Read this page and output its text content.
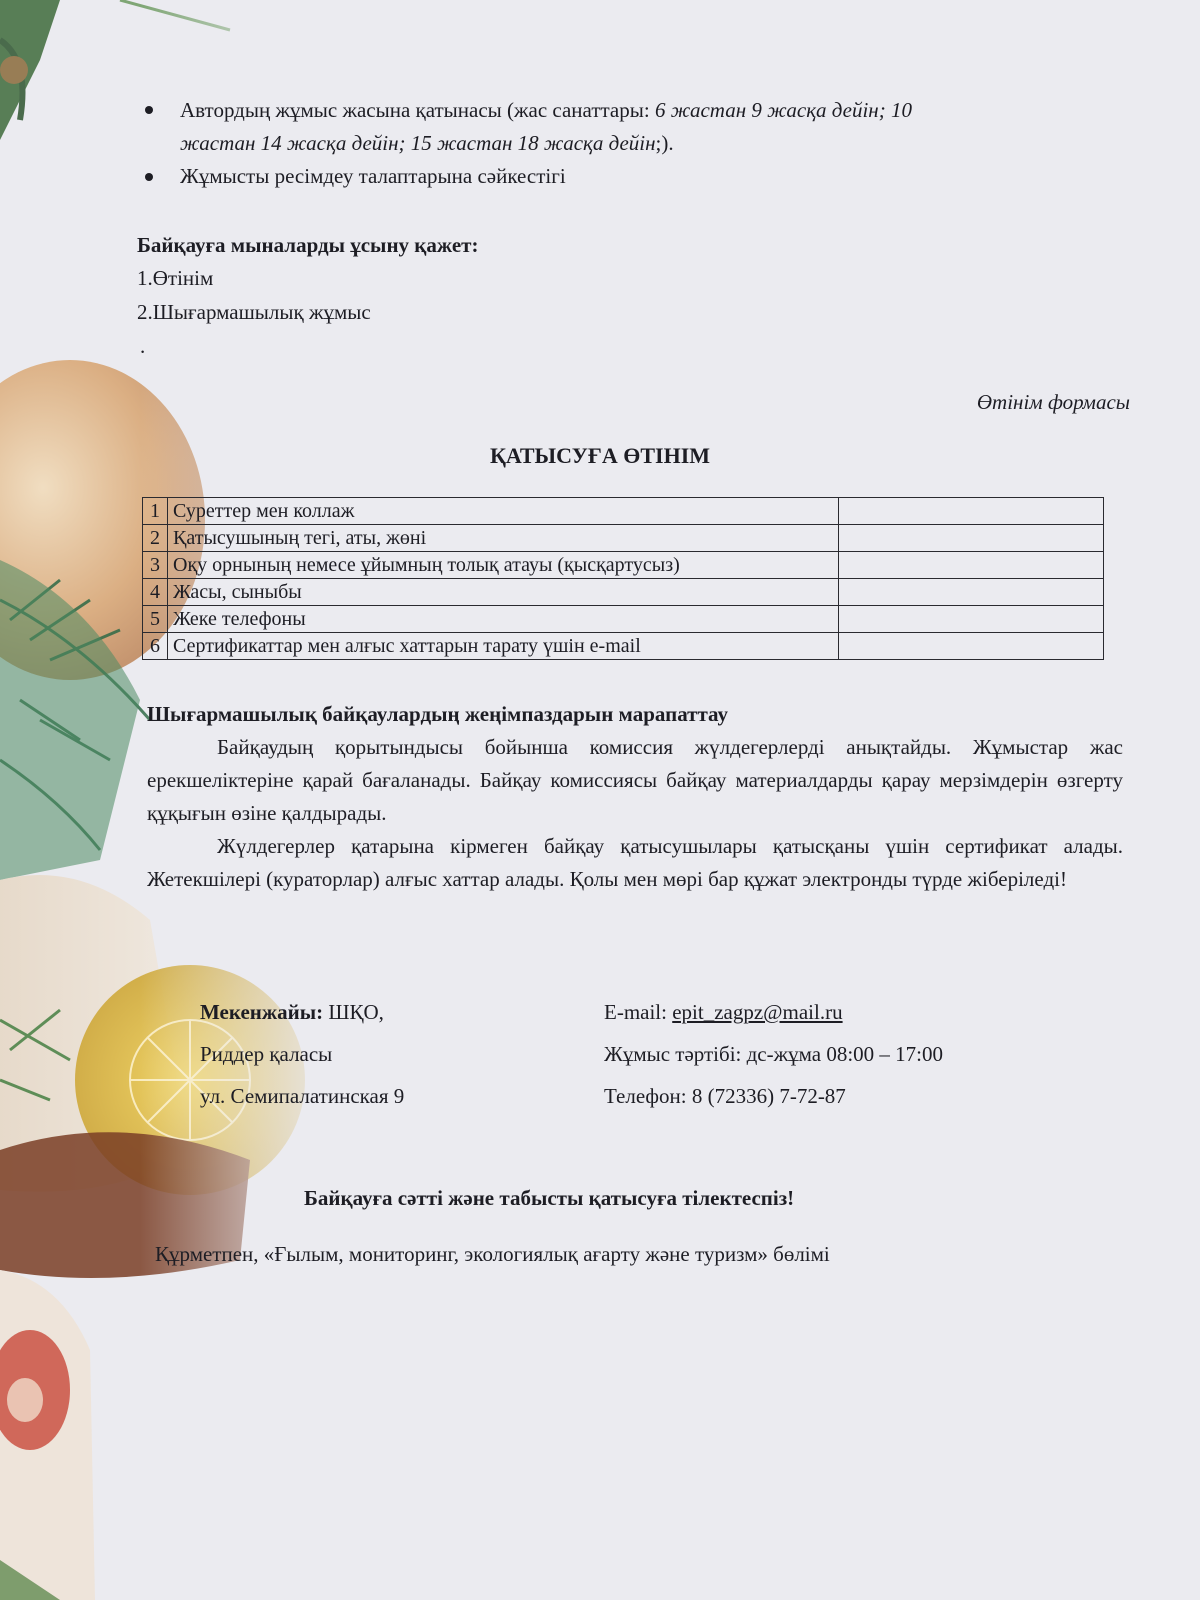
Автордың жұмыс жасына қатынасы (жас санаттары: 6 жастан 9 жасқа дейін; 10
жастан 14 жасқа дейін; 15 жастан 18 жасқа дейін;).
Жұмысты ресімдеу талаптарына сәйкестігі
Байқауға мыналарды ұсыну қажет:
1.Өтінім
2.Шығармашылық жұмыс
.
Өтінім формасы
ҚАТЫСУҒА ӨТІНІМ
1	Суреттер мен коллаж	
2	Қатысушының тегі, аты, жөні	
3	Оқу орнының немесе ұйымның толық атауы (қысқартусыз)	
4	Жасы, сыныбы	
5	Жеке телефоны	
6	Сертификаттар мен алғыс хаттарын тарату үшін e-mail	
Шығармашылық байқаулардың жеңімпаздарын марапаттау

Байқаудың қорытындысы бойынша комиссия жүлдегерлерді анықтайды. Жұмыстар жас ерекшеліктеріне қарай бағаланады. Байқау комиссиясы байқау материалдарды қарау мерзімдерін өзгерту құқығын өзіне қалдырады.

Жүлдегерлер қатарына кірмеген байқау қатысушылары қатысқаны үшін сертификат алады. Жетекшілері (кураторлар) алғыс хаттар алады. Қолы мен мөрі бар құжат электронды түрде жіберіледі!

Мекенжайы: ШҚО,
Риддер қаласы
ул. Семипалатинская 9
E-mail: epit_zagpz@mail.ru
Жұмыс тәртібі: дс-жұма 08:00 – 17:00
Телефон: 8 (72336) 7-72-87
Байқауға сәтті және табысты қатысуға тілектеспіз!
Құрметпен, «Ғылым, мониторинг, экологиялық ағарту және туризм» бөлімі
